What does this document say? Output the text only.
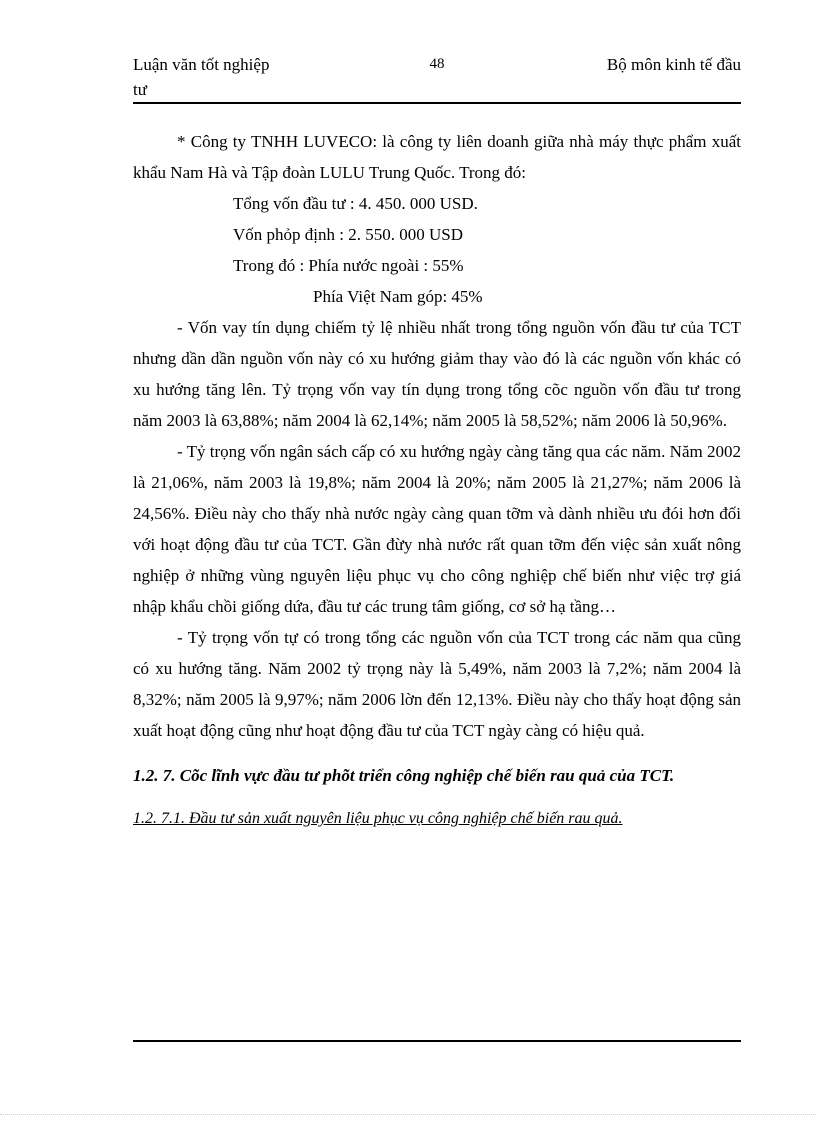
Luận văn tốt nghiệp
tư
48	Bộ môn kinh tế đầu

* Công ty TNHH LUVECO: là công ty liên doanh giữa nhà máy thực phẩm xuất khẩu Nam Hà và Tập đoàn LULU Trung Quốc. Trong đó:

Tổng vốn đầu tư : 4. 450. 000 USD.

Vốn phỏp định : 2. 550. 000 USD

Trong đó : Phía nước ngoài : 55%

Phía Việt Nam góp: 45%

- Vốn vay tín dụng chiếm tỷ lệ nhiều nhất trong tổng nguồn vốn đầu tư của TCT nhưng dần dần nguồn vốn này có xu hướng giảm thay vào đó là các nguồn vốn khác có xu hướng tăng lên. Tỷ trọng vốn vay tín dụng trong tổng cõc nguồn vốn đầu tư trong năm 2003 là 63,88%; năm 2004 là 62,14%; năm 2005 là 58,52%; năm 2006 là 50,96%.

- Tỷ trọng vốn ngân sách cấp có xu hướng ngày càng tăng qua các năm. Năm 2002 là 21,06%, năm 2003 là 19,8%; năm 2004 là 20%; năm 2005 là 21,27%; năm 2006 là 24,56%. Điều này cho thấy nhà nước ngày càng quan tỡm và dành nhiều ưu đói hơn đối với hoạt động đầu tư của TCT. Gần đừy nhà nước rất quan tỡm đến việc sản xuất nông nghiệp ở những vùng nguyên liệu phục vụ cho công nghiệp chế biến như việc trợ giá nhập khẩu chồi giống dứa, đầu tư các trung tâm giống, cơ sở hạ tầng…

- Tỷ trọng vốn tự có trong tổng các nguồn vốn của TCT trong các năm qua cũng có xu hướng tăng. Năm 2002 tỷ trọng này là 5,49%, năm 2003 là 7,2%; năm 2004 là 8,32%; năm 2005 là 9,97%; năm 2006 lờn đến 12,13%. Điều này cho thấy hoạt động sản xuất hoạt động cũng như hoạt động đầu tư của TCT ngày càng có hiệu quả.

1.2. 7. Cõc lĩnh vực đầu tư phõt triển công nghiệp chế biến rau quả của TCT.

1.2. 7.1. Đầu tư sản xuất nguyên liệu phục vụ công nghiệp chế biến rau quả.
